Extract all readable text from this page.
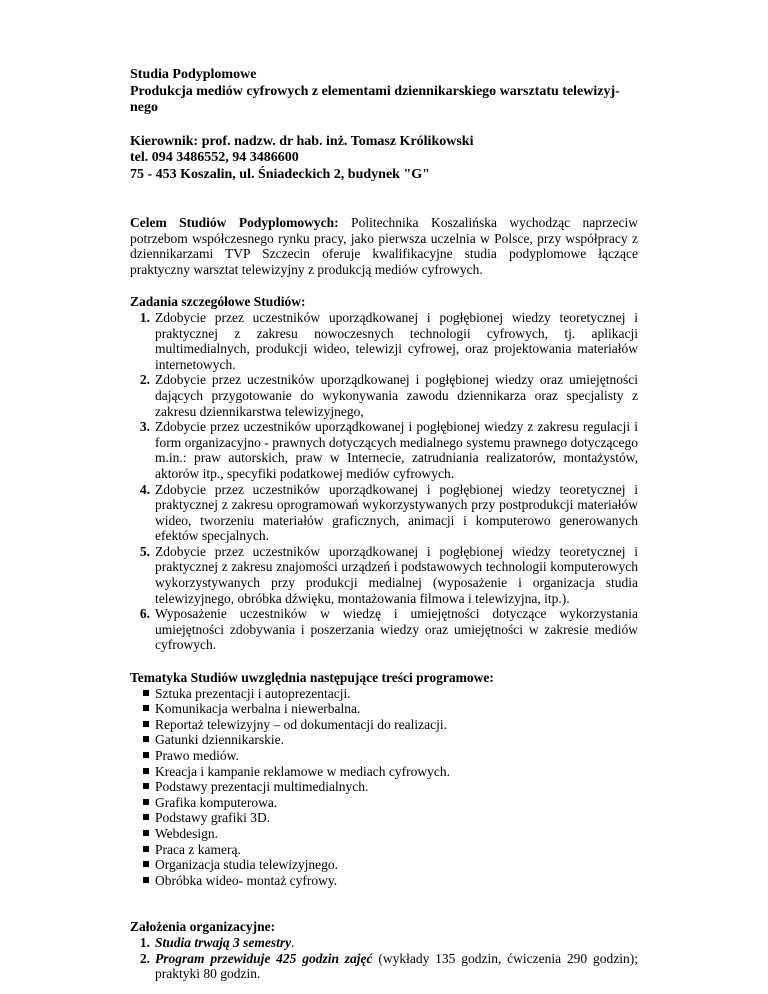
Studia Podyplomowe
Produkcja mediów cyfrowych z elementami dziennikarskiego warsztatu telewizyj-
nego
Kierownik: prof. nadzw. dr hab. inż. Tomasz Królikowski
tel. 094 3486552, 94 3486600
75 - 453 Koszalin, ul. Śniadeckich 2, budynek "G"
Celem Studiów Podyplomowych: Politechnika Koszalińska wychodząc naprzeciw potrzebom współczesnego rynku pracy, jako pierwsza uczelnia w Polsce, przy współpracy z dziennikarzami TVP Szczecin oferuje kwalifikacyjne studia podyplomowe łączące praktyczny warsztat telewizyjny z produkcją mediów cyfrowych.
Zadania szczegółowe Studiów:
1. Zdobycie przez uczestników uporządkowanej i pogłębionej wiedzy teoretycznej i praktycznej z zakresu nowoczesnych technologii cyfrowych, tj. aplikacji multimedialnych, produkcji wideo, telewizji cyfrowej, oraz projektowania materiałów internetowych.
2. Zdobycie przez uczestników uporządkowanej i pogłębionej wiedzy oraz umiejętności dających przygotowanie do wykonywania zawodu dziennikarza oraz specjalisty z zakresu dziennikarstwa telewizyjnego,
3. Zdobycie przez uczestników uporządkowanej i pogłębionej wiedzy z zakresu regulacji i form organizacyjno - prawnych dotyczących medialnego systemu prawnego dotyczącego m.in.: praw autorskich, praw w Internecie, zatrudniania realizatorów, montażystów, aktorów itp., specyfiki podatkowej mediów cyfrowych.
4. Zdobycie przez uczestników uporządkowanej i pogłębionej wiedzy teoretycznej i praktycznej z zakresu oprogramowań wykorzystywanych przy postprodukcji materiałów wideo, tworzeniu materiałów graficznych, animacji i komputerowo generowanych efektów specjalnych.
5. Zdobycie przez uczestników uporządkowanej i pogłębionej wiedzy teoretycznej i praktycznej z zakresu znajomości urządzeń i podstawowych technologii komputerowych wykorzystywanych przy produkcji medialnej (wyposażenie i organizacja studia telewizyjnego, obróbka dźwięku, montażowania filmowa i telewizyjna, itp.).
6. Wyposażenie uczestników w wiedzę i umiejętności dotyczące wykorzystania umiejętności zdobywania i poszerzania wiedzy oraz umiejętności w zakresie mediów cyfrowych.
Tematyka Studiów uwzględnia następujące treści programowe:
Sztuka prezentacji i autoprezentacji.
Komunikacja werbalna i niewerbalna.
Reportaż telewizyjny – od dokumentacji do realizacji.
Gatunki dziennikarskie.
Prawo mediów.
Kreacja i kampanie reklamowe w mediach cyfrowych.
Podstawy prezentacji multimedialnych.
Grafika komputerowa.
Podstawy grafiki 3D.
Webdesign.
Praca z kamerą.
Organizacja studia telewizyjnego.
Obróbka wideo- montaż cyfrowy.
Założenia organizacyjne:
1. Studia trwają 3 semestry.
2. Program przewiduje 425 godzin zajęć (wykłady 135 godzin, ćwiczenia 290 godzin); praktyki 80 godzin.
